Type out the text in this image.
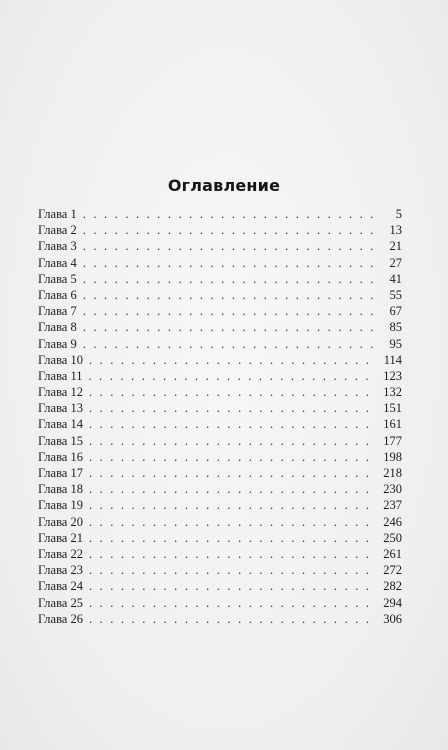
Оглавление
Глава 1 . . .	5
Глава 2 . . .	13
Глава 3 . . .	21
Глава 4 . . .	27
Глава 5 . . .	41
Глава 6 . . .	55
Глава 7 . . .	67
Глава 8 . . .	85
Глава 9 . . .	95
Глава 10 . . .	114
Глава 11 . . .	123
Глава 12 . . .	132
Глава 13 . . .	151
Глава 14 . . .	161
Глава 15 . . .	177
Глава 16 . . .	198
Глава 17 . . .	218
Глава 18 . . .	230
Глава 19 . . .	237
Глава 20 . . .	246
Глава 21 . . .	250
Глава 22 . . .	261
Глава 23 . . .	272
Глава 24 . . .	282
Глава 25 . . .	294
Глава 26 . . .	306
